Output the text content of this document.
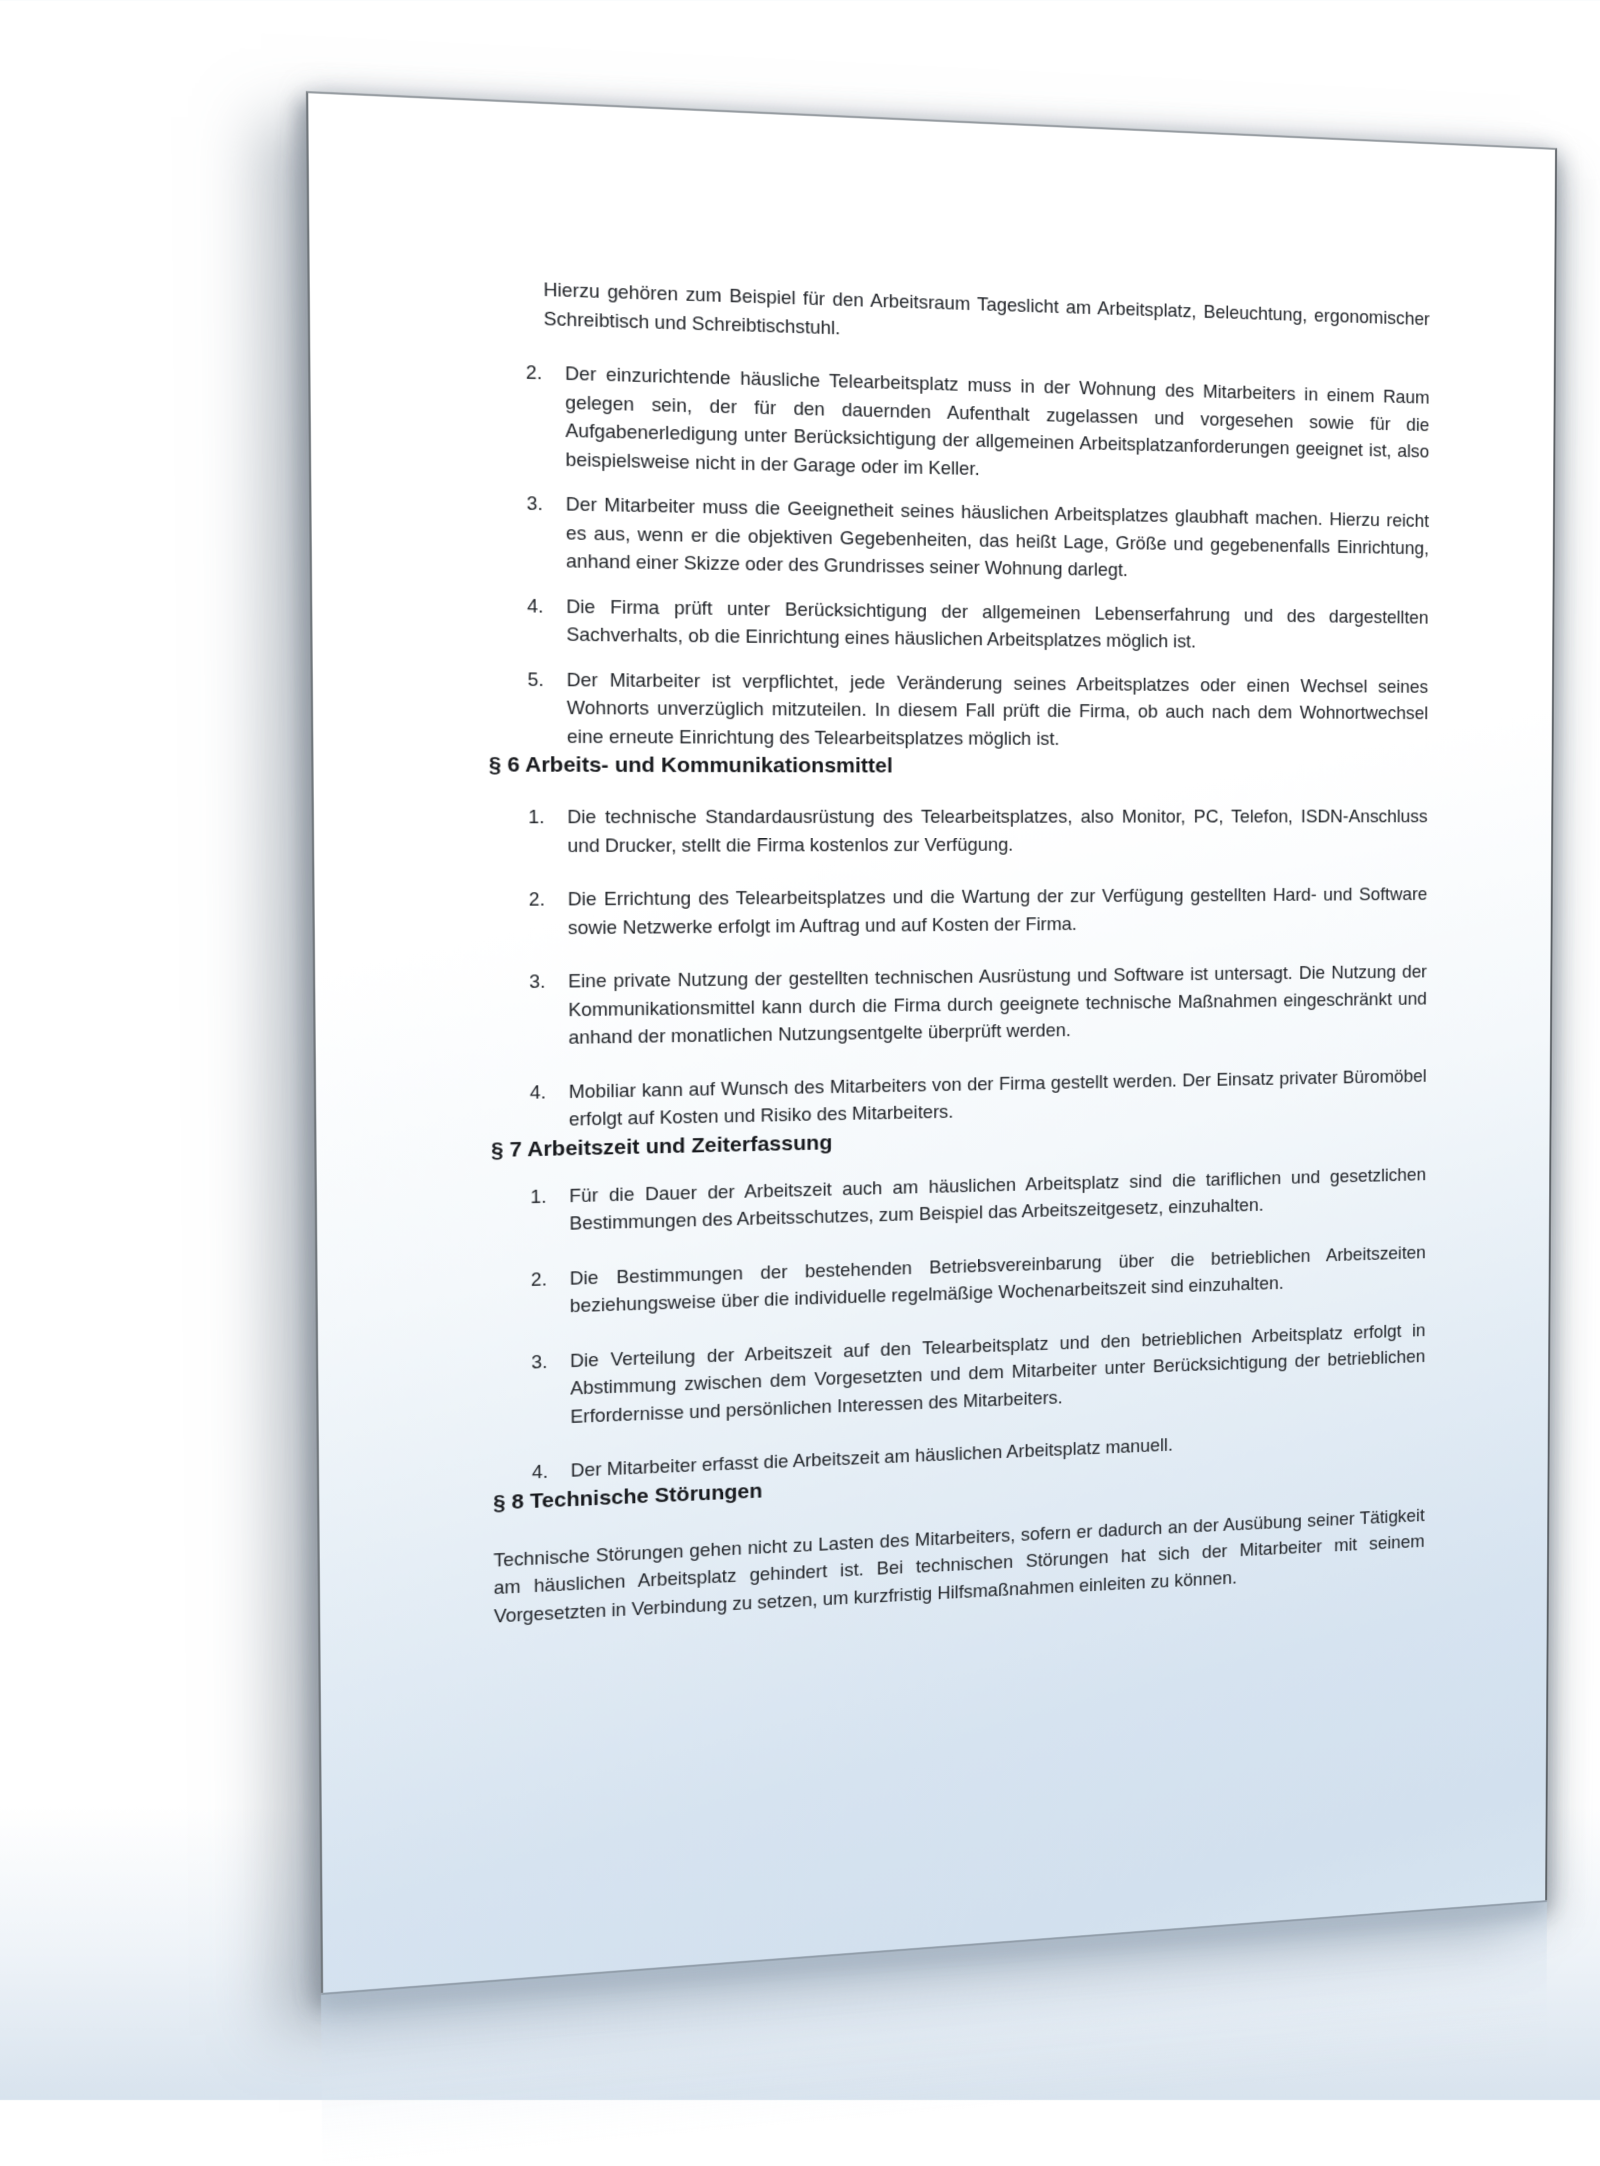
Hierzu gehören zum Beispiel für den Arbeitsraum Tageslicht am Arbeitsplatz, Beleuchtung, ergonomischer Schreibtisch und Schreibtischstuhl.

2.	Der einzurichtende häusliche Telearbeitsplatz muss in der Wohnung des Mitarbeiters in einem Raum gelegen sein, der für den dauernden Aufenthalt zugelassen und vorgesehen sowie für die Aufgabenerledigung unter Berücksichtigung der allgemeinen Arbeitsplatzanforderungen geeignet ist, also beispielsweise nicht in der Garage oder im Keller.
3.	Der Mitarbeiter muss die Geeignetheit seines häuslichen Arbeitsplatzes glaubhaft machen. Hierzu reicht es aus, wenn er die objektiven Gegebenheiten, das heißt Lage, Größe und gegebenenfalls Einrichtung, anhand einer Skizze oder des Grundrisses seiner Wohnung darlegt.
4.	Die Firma prüft unter Berücksichtigung der allgemeinen Lebenserfahrung und des dargestellten Sachverhalts, ob die Einrichtung eines häuslichen Arbeitsplatzes möglich ist.
5.	Der Mitarbeiter ist verpflichtet, jede Veränderung seines Arbeitsplatzes oder einen Wechsel seines Wohnorts unverzüglich mitzuteilen. In diesem Fall prüft die Firma, ob auch nach dem Wohnortwechsel eine erneute Einrichtung des Telearbeitsplatzes möglich ist.
§ 6 Arbeits- und Kommunikationsmittel
1.	Die technische Standardausrüstung des Telearbeitsplatzes, also Monitor, PC, Telefon, ISDN-Anschluss und Drucker, stellt die Firma kostenlos zur Verfügung.
2.	Die Errichtung des Telearbeitsplatzes und die Wartung der zur Verfügung gestellten Hard- und Software sowie Netzwerke erfolgt im Auftrag und auf Kosten der Firma.
3.	Eine private Nutzung der gestellten technischen Ausrüstung und Software ist untersagt. Die Nutzung der Kommunikationsmittel kann durch die Firma durch geeignete technische Maßnahmen eingeschränkt und anhand der monatlichen Nutzungsentgelte überprüft werden.
4.	Mobiliar kann auf Wunsch des Mitarbeiters von der Firma gestellt werden. Der Einsatz privater Büromöbel erfolgt auf Kosten und Risiko des Mitarbeiters.
§ 7 Arbeitszeit und Zeiterfassung
1.	Für die Dauer der Arbeitszeit auch am häuslichen Arbeitsplatz sind die tariflichen und gesetzlichen Bestimmungen des Arbeitsschutzes, zum Beispiel das Arbeitszeitgesetz, einzuhalten.
2.	Die Bestimmungen der bestehenden Betriebsvereinbarung über die betrieblichen Arbeitszeiten beziehungsweise über die individuelle regelmäßige Wochenarbeitszeit sind einzuhalten.
3.	Die Verteilung der Arbeitszeit auf den Telearbeitsplatz und den betrieblichen Arbeitsplatz erfolgt in Abstimmung zwischen dem Vorgesetzten und dem Mitarbeiter unter Berücksichtigung der betrieblichen Erfordernisse und persönlichen Interessen des Mitarbeiters.
4.	Der Mitarbeiter erfasst die Arbeitszeit am häuslichen Arbeitsplatz manuell.
§ 8 Technische Störungen

Technische Störungen gehen nicht zu Lasten des Mitarbeiters, sofern er dadurch an der Ausübung seiner Tätigkeit am häuslichen Arbeitsplatz gehindert ist. Bei technischen Störungen hat sich der Mitarbeiter mit seinem Vorgesetzten in Verbindung zu setzen, um kurzfristig Hilfsmaßnahmen einleiten zu können.
